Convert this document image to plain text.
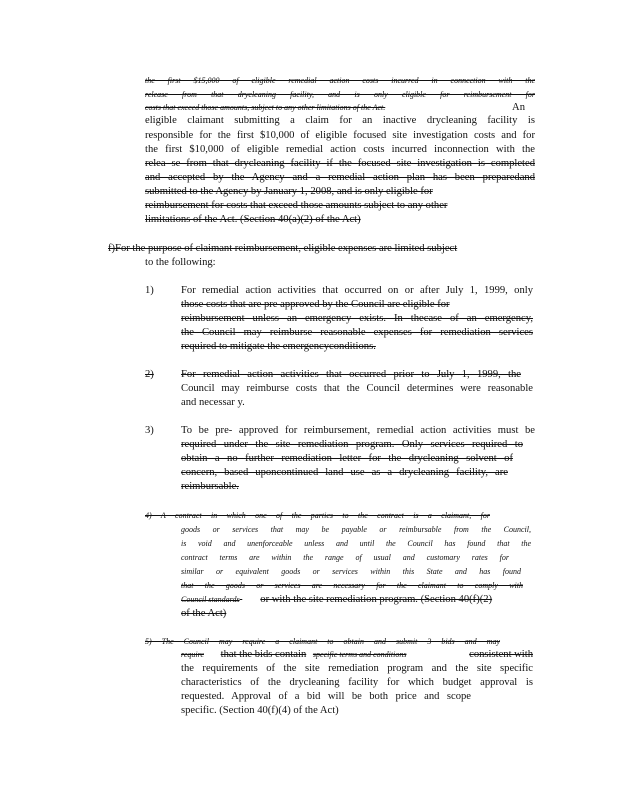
the first $15,000 of eligible remedial action costs incurred in connection with the
release from that drycleaning facility, and is only eligible for reimbursement for
costs that exceed those amounts, subject to any other limitations of the Act.	An
eligible claimant submitting a claim for an inactive drycleaning facility is
responsible for the first $10,000 of eligible focused site investigation costs and for
the first $10,000 of eligible remedial action costs incurred inconnection with the
relea se from that drycleaning facility if the focused site investigation is completed
and accepted by the Agency and a remedial action plan has been preparedand
submitted to the Agency by January 1, 2008, and is only eligible for
reimbursement for costs that exceed those amounts subject to any other
limitations of the Act. (Section 40(a)(2) of the Act)
f)For the purpose of claimant reimbursement, eligible expenses are limited subject
to the following:
1)	For remedial action activities that occurred on or after July 1, 1999, only
those costs that are pre approved by the Council are eligible for
reimbursement unless an emergency exists. In thecase of an emergency,
the Council may reimburse reasonable expenses for remediation services
required to mitigate the emergencyconditions.
2)	For remedial action activities that occurred prior to July 1, 1999, the
Council may reimburse costs that the Council determines were reasonable
and necessar y.
3)	To be pre- approved for reimbursement, remedial action activities must be
required under the site remediation program. Only services required to
obtain a no further remediation letter for the drycleaning solvent of
concern, based uponcontinued land use as a drycleaning facility, are
reimbursable.
4) A contract in which one of the parties to the contract is a claimant, for
goods or services that may be payable or reimbursable from the Council,
is void and unenforceable unless and until the Council has found that the
contract terms are within the range of usual and customary rates for
similar or equivalent goods or services within this State and has found
that the goods or services are necessary for the claimant to comply with
Council standards or with the site remediation program. (Section 40(f)(2)
of the Act)
5) The Council may require a claimant to obtain and submit 3 bids and may
require that the bids contain specific terms and conditions	consistent with
the requirements of the site remediation program and the site specific
characteristics of the drycleaning facility for which budget approval is
requested. Approval of a bid will be both price and scope
specific. (Section 40(f)(4) of the Act)
